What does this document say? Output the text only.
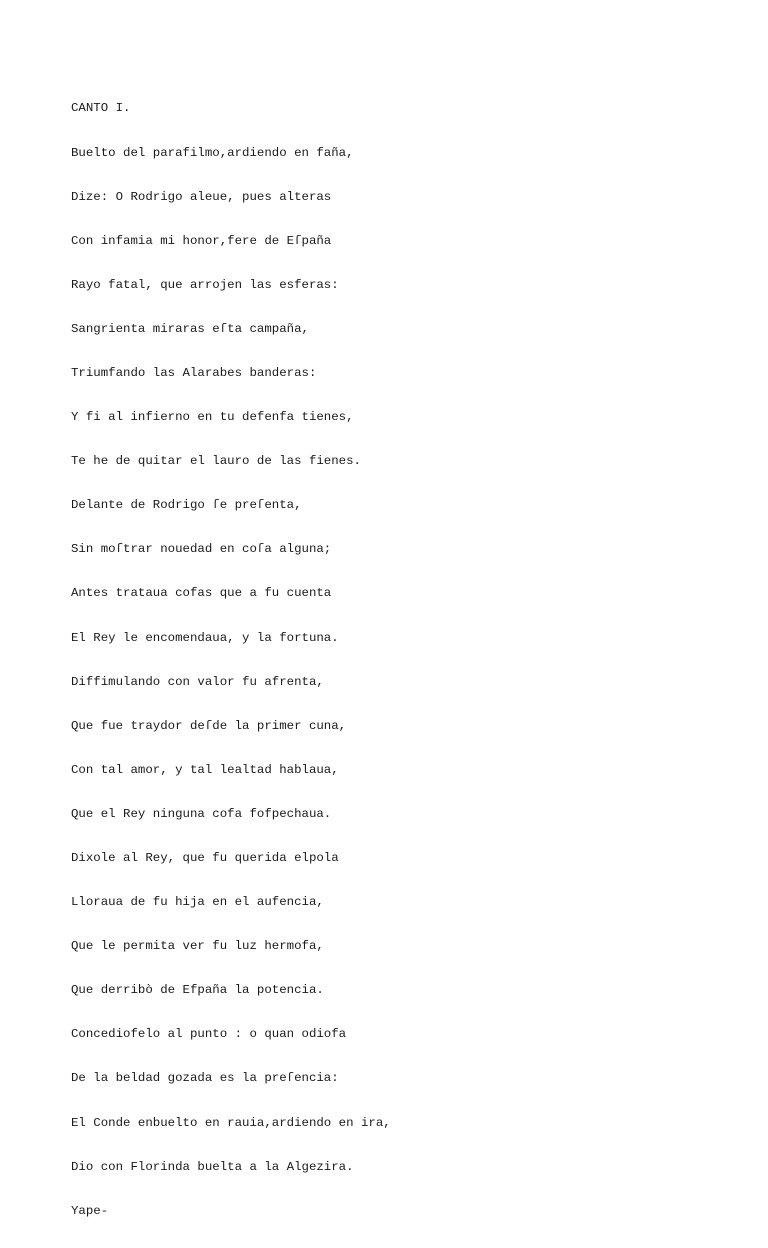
CANTO I.

Buelto del parafilmo,ardiendo en faña,

Dize: O Rodrigo aleue, pues alteras

Con infamia mi honor,fere de Eſpaña

Rayo fatal, que arrojen las esferas:

Sangrienta miraras eſta campaña,

Triumfando las Alarabes banderas:

Y fi al infierno en tu defenfa tienes,

Te he de quitar el lauro de las fienes.

Delante de Rodrigo ſe preſenta,

Sin moſtrar nouedad en coſa alguna;

Antes trataua cofas que a fu cuenta

El Rey le encomendaua, y la fortuna.

Diffimulando con valor fu afrenta,

Que fue traydor deſde la primer cuna,

Con tal amor, y tal lealtad hablaua,

Que el Rey ninguna cofa fofpechaua.

Dixole al Rey, que fu querida elpola

Lloraua de fu hija en el aufencia,

Que le permita ver fu luz hermofa,

Que derribò de Efpaña la potencia.

Concediofelo al punto : o quan odiofa

De la beldad gozada es la preſencia:

El Conde enbuelto en rauia,ardiendo en ira,

Dio con Florinda buelta a la Algezira.

Yape-
